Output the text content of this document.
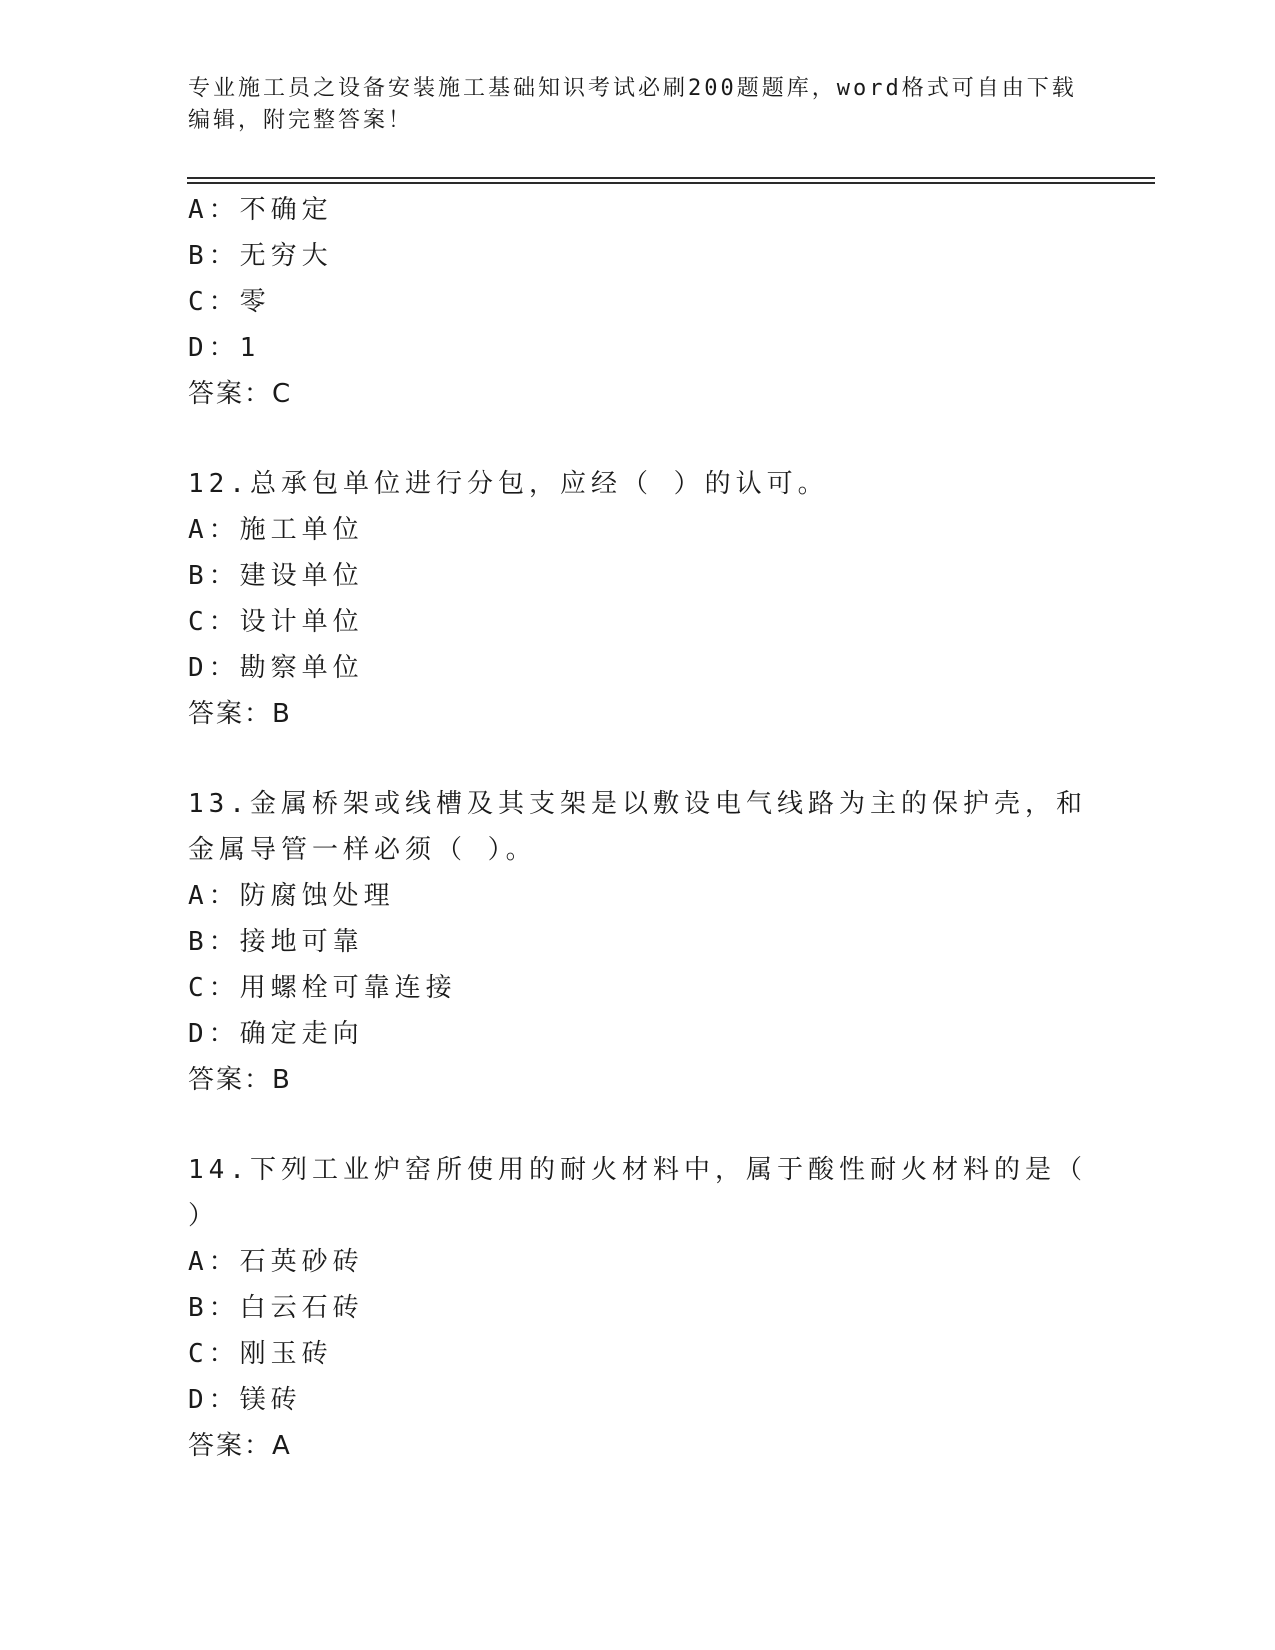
专业施工员之设备安装施工基础知识考试必刷200题题库，word格式可自由下载编辑，附完整答案！
A：不确定
B：无穷大
C：零
D：1
答案：C
12.总承包单位进行分包，应经（ ）的认可。
A：施工单位
B：建设单位
C：设计单位
D：勘察单位
答案：B
13.金属桥架或线槽及其支架是以敷设电气线路为主的保护壳，和金属导管一样必须（ ）。
A：防腐蚀处理
B：接地可靠
C：用螺栓可靠连接
D：确定走向
答案：B
14.下列工业炉窑所使用的耐火材料中，属于酸性耐火材料的是（ ）
A：石英砂砖
B：白云石砖
C：刚玉砖
D：镁砖
答案：A
